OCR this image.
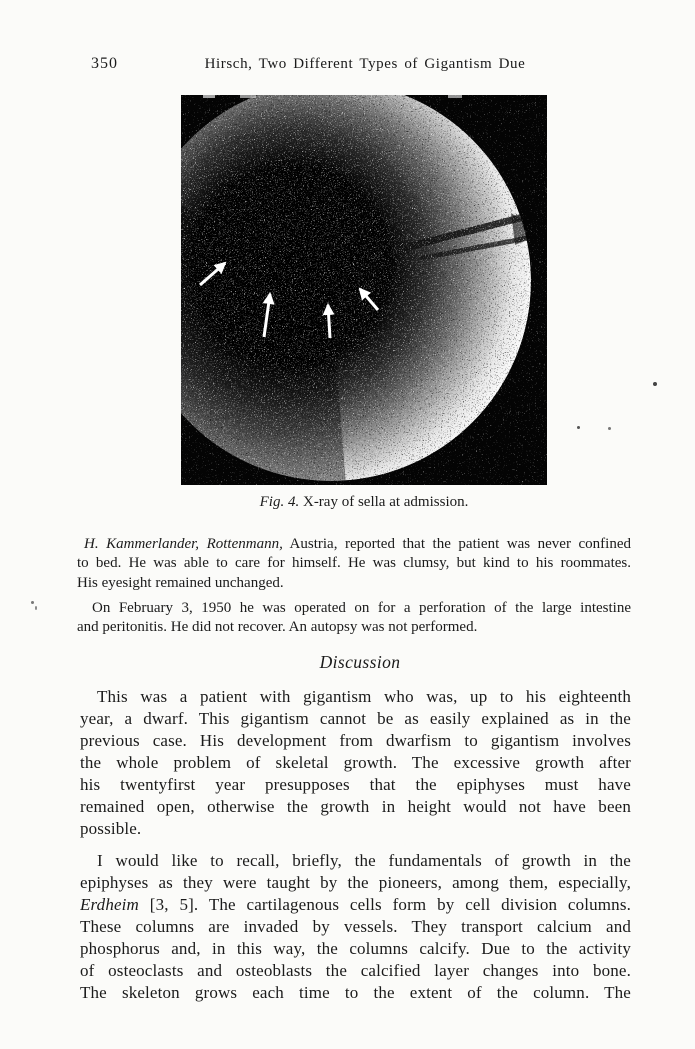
350	Hirsch, Two Different Types of Gigantism Due
Fig. 4. X-ray of sella at admission.
H. Kammerlander, Rottenmann, Austria, reported that the patient was never confined
to bed. He was able to care for himself. He was clumsy, but kind to his roommates.
His eyesight remained unchanged.
On February 3, 1950 he was operated on for a perforation of the large intestine
and peritonitis. He did not recover. An autopsy was not performed.
Discussion
This was a patient with gigantism who was, up to his eighteenth
year, a dwarf. This gigantism cannot be as easily explained as in the
previous case. His development from dwarfism to gigantism involves
the whole problem of skeletal growth. The excessive growth after
his twentyfirst year presupposes that the epiphyses must have
remained open, otherwise the growth in height would not have been
possible.
I would like to recall, briefly, the fundamentals of growth in the
epiphyses as they were taught by the pioneers, among them, especially,
Erdheim [3, 5]. The cartilagenous cells form by cell division columns.
These columns are invaded by vessels. They transport calcium and
phosphorus and, in this way, the columns calcify. Due to the activity
of osteoclasts and osteoblasts the calcified layer changes into bone.
The skeleton grows each time to the extent of the column. The
